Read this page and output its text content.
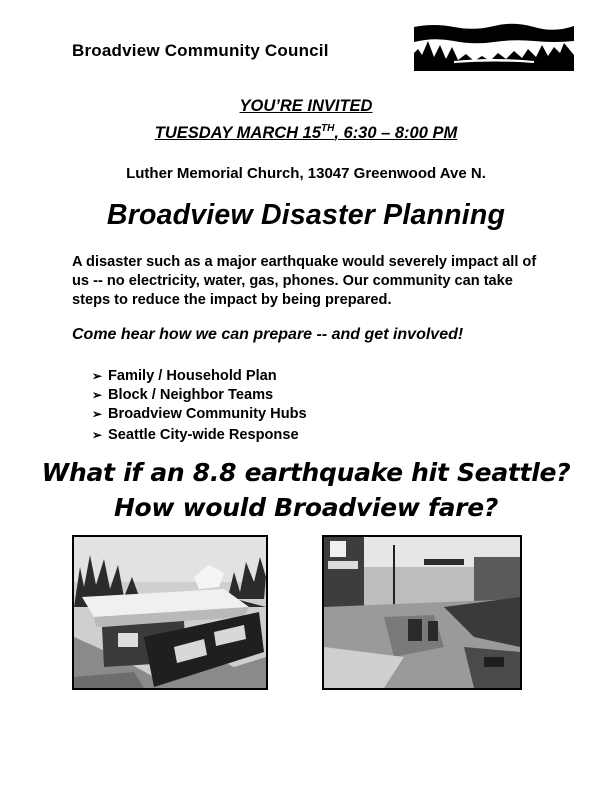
Broadview Community Council
YOU’RE INVITED
TUESDAY MARCH 15TH, 6:30 – 8:00 PM
Luther Memorial Church, 13047 Greenwood Ave N.
Broadview Disaster Planning
A disaster such as a major earthquake would severely impact all of us -- no electricity, water, gas, phones. Our community can take steps to reduce the impact by being prepared.
Come hear how we can prepare -- and get involved!
➢ Family / Household Plan
➢ Block / Neighbor Teams
➢ Broadview Community Hubs
➢ Seattle City-wide Response
What if an 8.8 earthquake hit Seattle?
How would Broadview fare?
